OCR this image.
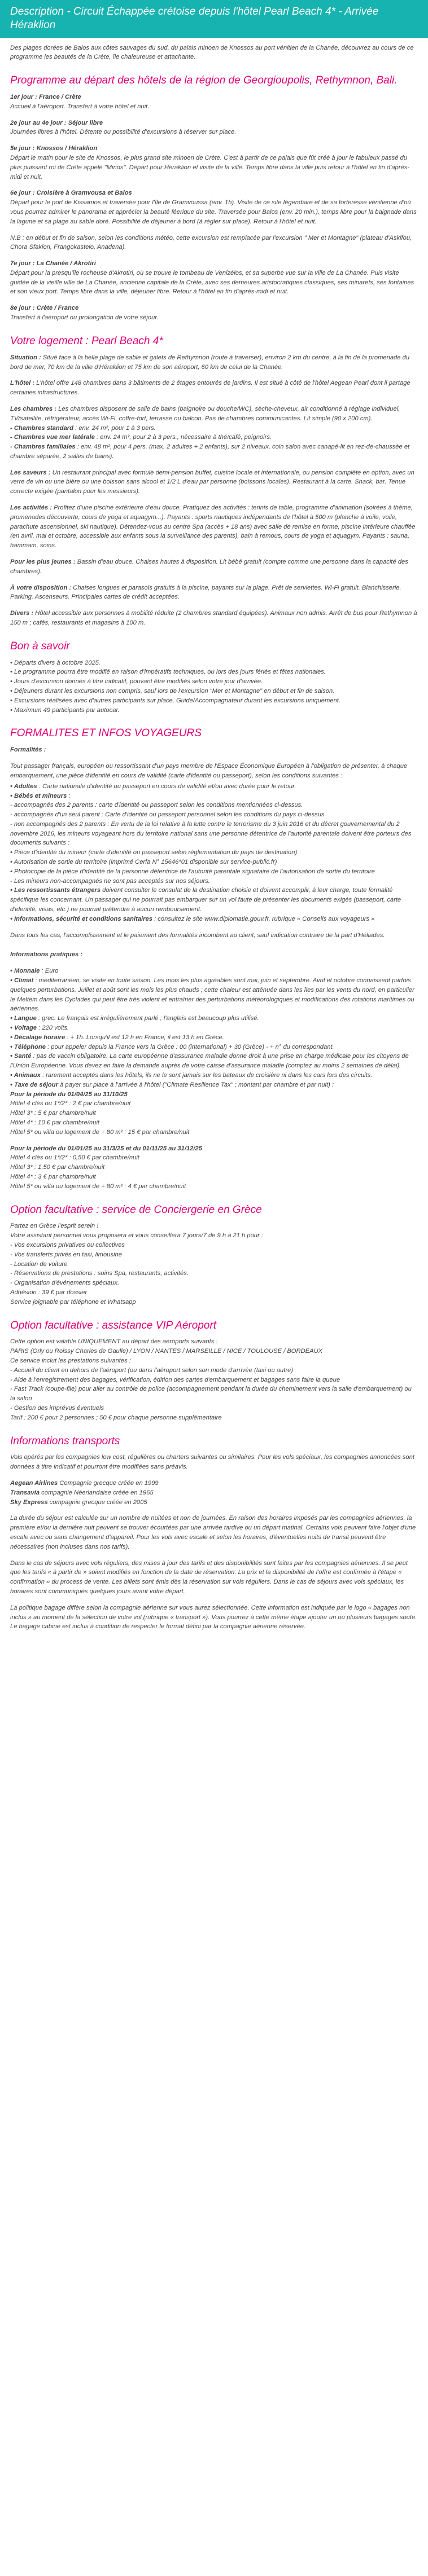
Description - Circuit Échappée crétoise depuis l'hôtel Pearl Beach 4* - Arrivée Héraklion

Des plages dorées de Balos aux côtes sauvages du sud, du palais minoen de Knossos au port vénitien de la Chanée, découvrez au cours de ce programme les beautés de la Crète, île chaleureuse et attachante.

Programme au départ des hôtels de la région de Georgioupolis, Rethymnon, Bali.
1er jour : France / Crète
Accueil à l'aéroport. Transfert à votre hôtel et nuit.
2e jour au 4e jour : Séjour libre
Journées libres à l'hôtel. Détente ou possibilité d'excursions à réserver sur place.
5e jour : Knossos / Héraklion
Départ le matin pour le site de Knossos, le plus grand site minoen de Crète. C'est à partir de ce palais que fût créé à jour le fabuleux passé du plus puissant roi de Crète appelé "Minos". Départ pour Héraklion et visite de la ville. Temps libre dans la ville puis retour à l'hôtel en fin d'après-midi et nuit.
6e jour : Croisière à Gramvousa et Balos
Départ pour le port de Kissamos et traversée pour l'île de Gramvoussa (env. 1h). Visite de ce site légendaire et de sa forteresse vénitienne d'où vous pourrez admirer le panorama et apprécier la beauté féerique du site. Traversée pour Balos (env. 20 min.), temps libre pour la baignade dans la lagune et sa plage au sable doré. Possibilité de déjeuner à bord (à régler sur place). Retour à l'hôtel et nuit.
N.B : en début et fin de saison, selon les conditions météo, cette excursion est remplacée par l'excursion " Mer et Montagne" (plateau d'Askifou, Chora Sfakion, Frangokastelo, Anadena).
7e jour : La Chanée / Akrotiri
Départ pour la presqu'île rocheuse d'Akrotiri, où se trouve le tombeau de Venizélos, et sa superbe vue sur la ville de La Chanée. Puis visite guidée de la vieille ville de La Chanée, ancienne capitale de la Crète, avec ses demeures aristocratiques classiques, ses minarets, ses fontaines et son vieux port. Temps libre dans la ville, déjeuner libre. Retour à l'hôtel en fin d'après-midi et nuit.
8e jour : Crète / France
Transfert à l'aéroport ou prolongation de votre séjour.
Votre logement : Pearl Beach 4*

Situation : Situé face à la belle plage de sable et galets de Rethymnon (route à traverser), environ 2 km du centre, à la fin de la promenade du bord de mer, 70 km de la ville d'Héraklion et 75 km de son aéroport, 60 km de celui de la Chanée.

L'hôtel : L'hôtel offre 148 chambres dans 3 bâtiments de 2 étages entourés de jardins. Il est situé à côté de l'hôtel Aegean Pearl dont il partage certaines infrastructures.

Les chambres : Les chambres disposent de salle de bains (baignoire ou douche/WC), sèche-cheveux, air conditionné à réglage individuel, TV/satellite, réfrigérateur, accès Wi-Fi, coffre-fort, terrasse ou balcon. Pas de chambres communicantes. Lit simple (90 x 200 cm).

- Chambres standard : env. 24 m², pour 1 à 3 pers.
- Chambres vue mer latérale : env. 24 m², pour 2 à 3 pers., nécessaire à thé/café, peignoirs.
- Chambres familiales : env. 48 m², pour 4 pers. (max. 2 adultes + 2 enfants), sur 2 niveaux, coin salon avec canapé-lit en rez-de-chaussée et chambre séparée, 2 salles de bains).

Les saveurs : Un restaurant principal avec formule demi-pension buffet, cuisine locale et internationale, ou pension complète en option, avec un verre de vin ou une bière ou une boisson sans alcool et 1/2 L d'eau par personne (boissons locales). Restaurant à la carte. Snack, bar. Tenue correcte exigée (pantalon pour les messieurs).

Les activités : Profitez d'une piscine extérieure d'eau douce. Pratiquez des activités : tennis de table, programme d'animation (soirées à thème, promenades découverte, cours de yoga et aquagym...). Payants : sports nautiques indépendants de l'hôtel à 500 m (planche à voile, voile, parachute ascensionnel, ski nautique). Détendez-vous au centre Spa (accès + 18 ans) avec salle de remise en forme, piscine intérieure chauffée (en avril, mai et octobre, accessible aux enfants sous la surveillance des parents), bain à remous, cours de yoga et aquagym. Payants : sauna, hammam, soins.

Pour les plus jeunes : Bassin d'eau douce. Chaises hautes à disposition. Lit bébé gratuit (compte comme une personne dans la capacité des chambres).

À votre disposition : Chaises longues et parasols gratuits à la piscine, payants sur la plage. Prêt de serviettes. Wi-Fi gratuit. Blanchisserie. Parking. Ascenseurs. Principales cartes de crédit acceptées.

Divers : Hôtel accessible aux personnes à mobilité réduite (2 chambres standard équipées). Animaux non admis. Arrêt de bus pour Rethymnon à 150 m ; cafés, restaurants et magasins à 100 m.

Bon à savoir
• Départs divers à octobre 2025.
• Le programme pourra être modifié en raison d'impératifs techniques, ou lors des jours fériés et fêtes nationales.
• Jours d'excursion donnés à titre indicatif, pouvant être modifiés selon votre jour d'arrivée.
• Déjeuners durant les excursions non compris, sauf lors de l'excursion "Mer et Montagne" en début et fin de saison.
• Excursions réalisées avec d'autres participants sur place. Guide/Accompagnateur durant les excursions uniquement.
• Maximum 49 participants par autocar.
FORMALITES ET INFOS VOYAGEURS

Formalités :

Tout passager français, européen ou ressortissant d'un pays membre de l'Espace Économique Européen à l'obligation de présenter, à chaque embarquement, une pièce d'identité en cours de validité (carte d'identité ou passeport), selon les conditions suivantes :

• Adultes : Carte nationale d'identité ou passeport en cours de validité et/ou avec durée pour le retour.
• Bébés et mineurs :
- accompagnés des 2 parents : carte d'identité ou passeport selon les conditions mentionnées ci-dessus.
- accompagnés d'un seul parent : Carte d'identité ou passeport personnel selon les conditions du pays ci-dessus.
- non accompagnés des 2 parents : En vertu de la loi relative à la lutte contre le terrorisme du 3 juin 2016 et du décret gouvernemental du 2 novembre 2016, les mineurs voyageant hors du territoire national sans une personne détentrice de l'autorité parentale doivent être porteurs des documents suivants :
• Pièce d'identité du mineur (carte d'identité ou passeport selon réglementation du pays de destination)
• Autorisation de sortie du territoire (imprimé Cerfa N° 15646*01 disponible sur service-public.fr)
• Photocopie de la pièce d'identité de la personne détentrice de l'autorité parentale signataire de l'autorisation de sortie du territoire
- Les mineurs non-accompagnés ne sont pas acceptés sur nos séjours.
• Les ressortissants étrangers doivent consulter le consulat de la destination choisie et doivent accomplir, à leur charge, toute formalité spécifique les concernant. Un passager qui ne pourrait pas embarquer sur un vol faute de présenter les documents exigés (passeport, carte d'identité, visas, etc.) ne pourrait prétendre à aucun remboursement.
• Informations, sécurité et conditions sanitaires : consultez le site www.diplomatie.gouv.fr, rubrique « Conseils aux voyageurs »

Dans tous les cas, l'accomplissement et le paiement des formalités incombent au client, sauf indication contraire de la part d'Héliades.

Informations pratiques :

• Monnaie : Euro
• Climat : méditerranéen, se visite en toute saison. Les mois les plus agréables sont mai, juin et septembre. Avril et octobre connaissent parfois quelques perturbations. Juillet et août sont les mois les plus chauds ; cette chaleur est atténuée dans les îles par les vents du nord, en particulier le Meltem dans les Cyclades qui peut être très violent et entraîner des perturbations météorologiques et modifications des rotations maritimes ou aériennes.
• Langue : grec. Le français est irrégulièrement parlé ; l'anglais est beaucoup plus utilisé.
• Voltage : 220 volts.
• Décalage horaire : + 1h. Lorsqu'il est 12 h en France, il est 13 h en Grèce.
• Téléphone : pour appeler depuis la France vers la Grèce : 00 (international) + 30 (Grèce) - + n° du correspondant.
• Santé : pas de vaccin obligatoire. La carte européenne d'assurance maladie donne droit à une prise en charge médicale pour les citoyens de l'Union Européenne. Vous devez en faire la demande auprès de votre caisse d'assurance maladie (comptez au moins 2 semaines de délai).
• Animaux : rarement acceptés dans les hôtels, ils ne le sont jamais sur les bateaux de croisière ni dans les cars lors des circuits.
• Taxe de séjour à payer sur place à l'arrivée à l'hôtel ("Climate Resilience Tax" ; montant par chambre et par nuit) :
Pour la période du 01/04/25 au 31/10/25
Hôtel 4 clés ou 1*/2* : 2 € par chambre/nuit
Hôtel 3* : 5 € par chambre/nuit
Hôtel 4* : 10 € par chambre/nuit
Hôtel 5* ou villa ou logement de + 80 m² : 15 € par chambre/nuit
Pour la période du 01/01/25 au 31/3/25 et du 01/11/25 au 31/12/25
Hôtel 4 clés ou 1*/2* : 0,50 € par chambre/nuit
Hôtel 3* : 1,50 € par chambre/nuit
Hôtel 4* : 3 € par chambre/nuit
Hôtel 5* ou villa ou logement de + 80 m² : 4 € par chambre/nuit
Option facultative : service de Conciergerie en Grèce
Partez en Grèce l'esprit serein !
Votre assistant personnel vous proposera et vous conseillera 7 jours/7 de 9 h à 21 h pour :
- Vos excursions privatives ou collectives
- Vos transferts privés en taxi, limousine
- Location de voiture
- Réservations de prestations : soins Spa, restaurants, activités.
- Organisation d'événements spéciaux.
Adhésion : 39 € par dossier
Service joignable par téléphone et Whatsapp
Option facultative : assistance VIP Aéroport
Cette option est valable UNIQUEMENT au départ des aéroports suivants :
PARIS (Orly ou Roissy Charles de Gaulle) / LYON / NANTES / MARSEILLE / NICE / TOULOUSE / BORDEAUX
Ce service inclut les prestations suivantes :
- Accueil du client en dehors de l'aéroport (ou dans l'aéroport selon son mode d'arrivée (taxi ou autre)
- Aide à l'enregistrement des bagages, vérification, édition des cartes d'embarquement et bagages sans faire la queue
- Fast Track (coupe-file) pour aller au contrôle de police (accompagnement pendant la durée du cheminement vers la salle d'embarquement) ou la salon
- Gestion des imprévus éventuels
Tarif : 200 € pour 2 personnes ; 50 € pour chaque personne supplémentaire
Informations transports

Vols opérés par les compagnies low cost, régulières ou charters suivantes ou similaires. Pour les vols spéciaux, les compagnies annoncées sont données à titre indicatif et pourront être modifiées sans préavis.

Aegean Airlines Compagnie grecque créée en 1999
Transavia compagnie Néerlandaise créée en 1965
Sky Express compagnie grecque créée en 2005

La durée du séjour est calculée sur un nombre de nuitées et non de journées. En raison des horaires imposés par les compagnies aériennes, la première et/ou la dernière nuit peuvent se trouver écourtées par une arrivée tardive ou un départ matinal. Certains vols peuvent faire l'objet d'une escale avec ou sans changement d'appareil. Pour les vols avec escale et selon les horaires, d'éventuelles nuits de transit peuvent être nécessaires (non incluses dans nos tarifs).

Dans le cas de séjours avec vols réguliers, des mises à jour des tarifs et des disponibilités sont faites par les compagnies aériennes. Il se peut que les tarifs « à partir de » soient modifiés en fonction de la date de réservation. La prix et la disponibilité de l'offre est confirmée à l'étape « confirmation » du process de vente. Les billets sont émis dès la réservation sur vols réguliers. Dans le cas de séjours avec vols spéciaux, les horaires sont communiqués quelques jours avant votre départ.

La politique bagage diffère selon la compagnie aérienne sur vous aurez sélectionnée. Cette information est indiquée par le logo « bagages non inclus » au moment de la sélection de votre vol (rubrique « transport »). Vous pourrez à cette même étape ajouter un ou plusieurs bagages soute. Le bagage cabine est inclus à condition de respecter le format défini par la compagnie aérienne réservée.
